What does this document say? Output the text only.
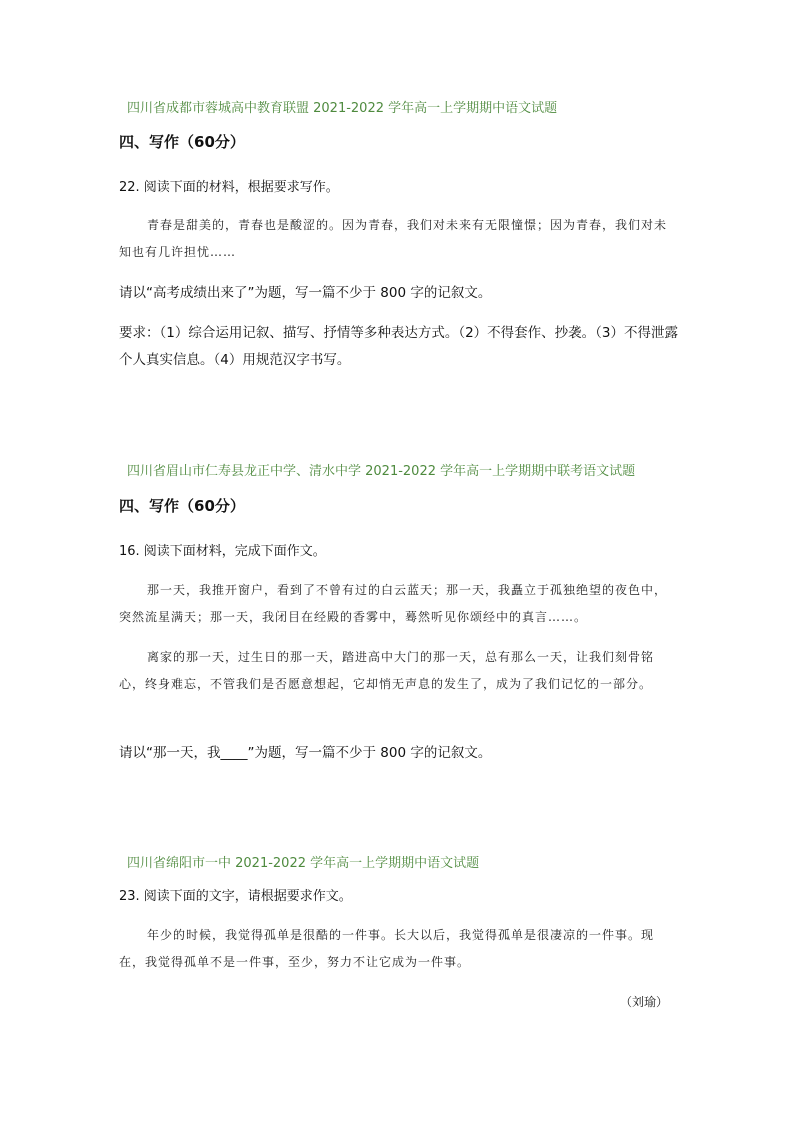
四川省成都市蓉城高中教育联盟 2021-2022 学年高一上学期期中语文试题
四、写作（60分）
22. 阅读下面的材料，根据要求写作。

青春是甜美的，青春也是酸涩的。因为青春，我们对未来有无限憧憬；因为青春，我们对未知也有几许担忧……

请以“高考成绩出来了”为题，写一篇不少于 800 字的记叙文。

要求：（1）综合运用记叙、描写、抒情等多种表达方式。（2）不得套作、抄袭。（3）不得泄露个人真实信息。（4）用规范汉字书写。

四川省眉山市仁寿县龙正中学、清水中学 2021-2022 学年高一上学期期中联考语文试题
四、写作（60分）
16. 阅读下面材料，完成下面作文。

那一天，我推开窗户，看到了不曾有过的白云蓝天；那一天，我矗立于孤独绝望的夜色中，突然流星满天；那一天，我闭目在经殿的香雾中，蓦然听见你颂经中的真言……。

离家的那一天，过生日的那一天，踏进高中大门的那一天，总有那么一天，让我们刻骨铭心，终身难忘，不管我们是否愿意想起，它却悄无声息的发生了，成为了我们记忆的一部分。

请以“那一天，我____”为题，写一篇不少于 800 字的记叙文。

四川省绵阳市一中 2021-2022 学年高一上学期期中语文试题
23. 阅读下面的文字，请根据要求作文。

年少的时候，我觉得孤单是很酷的一件事。长大以后，我觉得孤单是很凄凉的一件事。现在，我觉得孤单不是一件事，至少，努力不让它成为一件事。

（刘瑜）
